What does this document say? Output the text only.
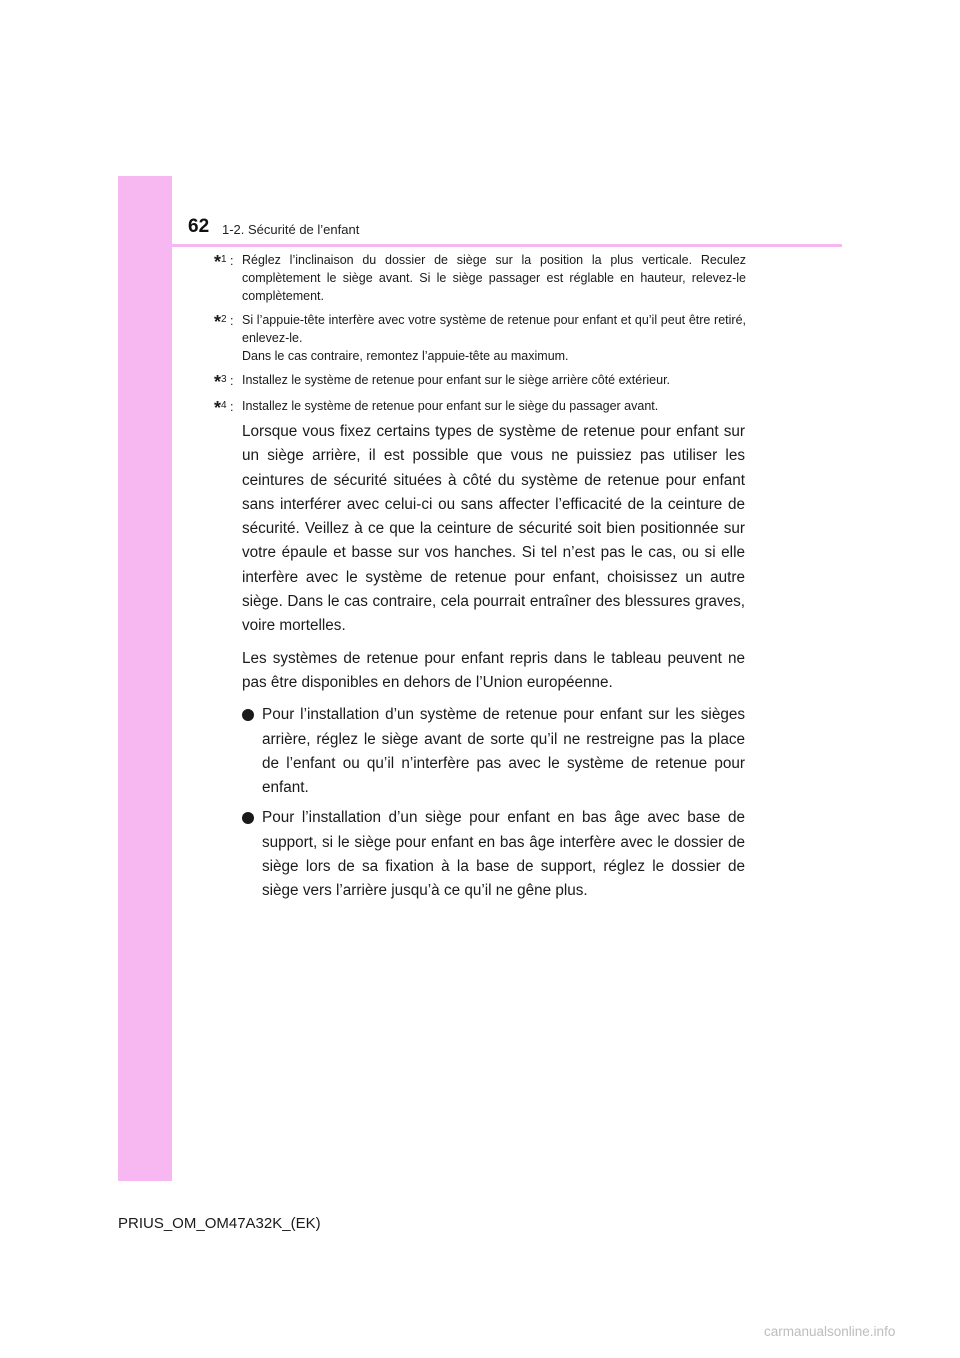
62 1-2. Sécurité de l’enfant
*$^1$ : Réglez l’inclinaison du dossier de siège sur la position la plus verticale. Reculez complètement le siège avant. Si le siège passager est réglable en hauteur, relevez-le complètement.

*$^2$ : Si l’appuie-tête interfère avec votre système de retenue pour enfant et qu’il peut être retiré, enlevez-le.

Dans le cas contraire, remontez l’appuie-tête au maximum.

*$^3$ : Installez le système de retenue pour enfant sur le siège arrière côté extérieur.

*$^4$ : Installez le système de retenue pour enfant sur le siège du passager avant.

Lorsque vous fixez certains types de système de retenue pour enfant sur un siège arrière, il est possible que vous ne puissiez pas utiliser les ceintures de sécurité situées à côté du système de retenue pour enfant sans interférer avec celui-ci ou sans affecter l’efficacité de la ceinture de sécurité. Veillez à ce que la ceinture de sécurité soit bien positionnée sur votre épaule et basse sur vos hanches. Si tel n’est pas le cas, ou si elle interfère avec le système de retenue pour enfant, choisissez un autre siège. Dans le cas contraire, cela pourrait entraîner des blessures graves, voire mortelles.

Les systèmes de retenue pour enfant repris dans le tableau peuvent ne pas être disponibles en dehors de l’Union européenne.

Pour l’installation d’un système de retenue pour enfant sur les sièges arrière, réglez le siège avant de sorte qu’il ne restreigne pas la place de l’enfant ou qu’il n’interfère pas avec le système de retenue pour enfant.
Pour l’installation d’un siège pour enfant en bas âge avec base de support, si le siège pour enfant en bas âge interfère avec le dossier de siège lors de sa fixation à la base de support, réglez le dossier de siège vers l’arrière jusqu’à ce qu’il ne gêne plus.
PRIUS_OM_OM47A32K_(EK)
carmanualsonline.info
